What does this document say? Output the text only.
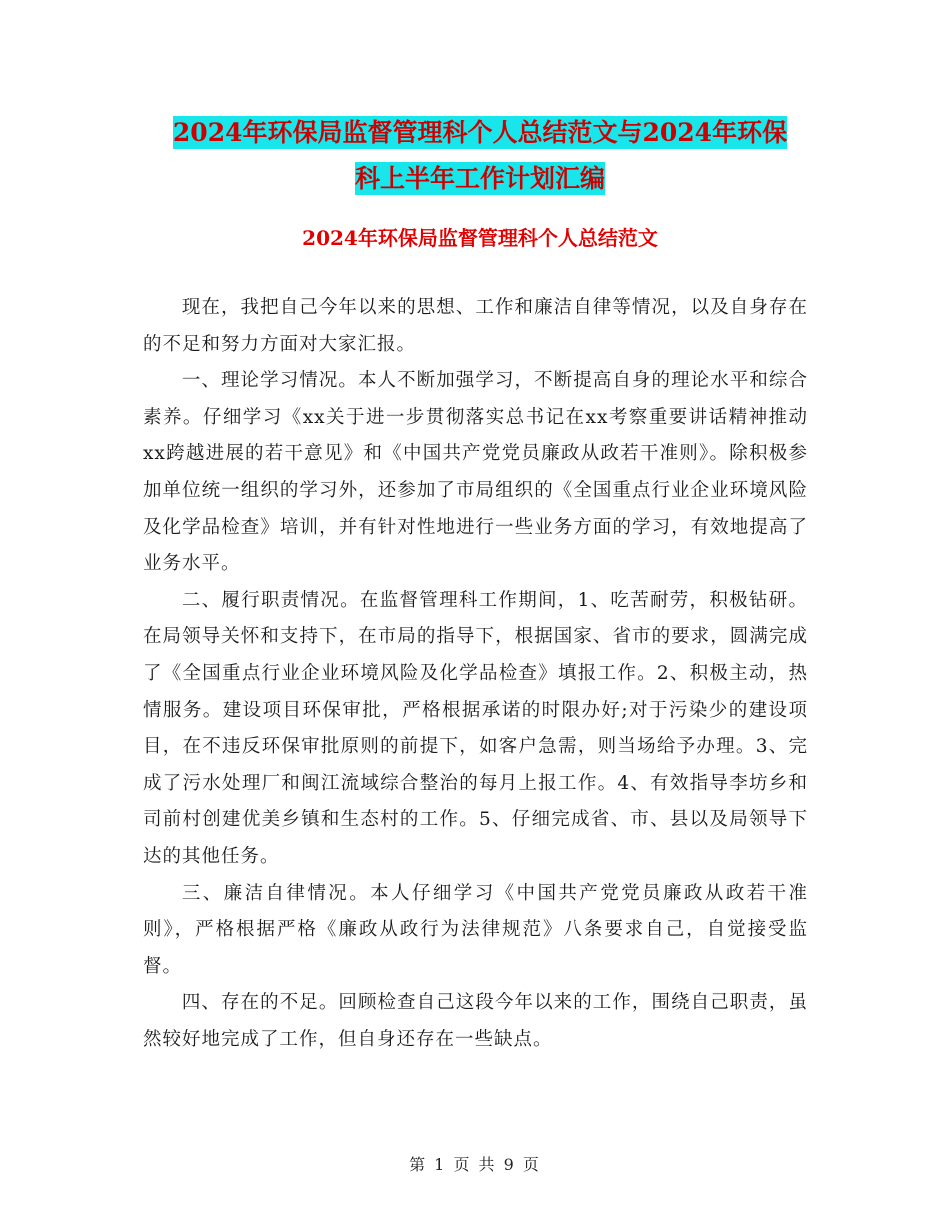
2024年环保局监督管理科个人总结范文与2024年环保
科上半年工作计划汇编
2024年环保局监督管理科个人总结范文

现在，我把自己今年以来的思想、工作和廉洁自律等情况，以及自身存在的不足和努力方面对大家汇报。

一、理论学习情况。本人不断加强学习，不断提高自身的理论水平和综合素养。仔细学习《xx关于进一步贯彻落实总书记在xx考察重要讲话精神推动xx跨越进展的若干意见》和《中国共产党党员廉政从政若干准则》。除积极参加单位统一组织的学习外，还参加了市局组织的《全国重点行业企业环境风险及化学品检查》培训，并有针对性地进行一些业务方面的学习，有效地提高了业务水平。

二、履行职责情况。在监督管理科工作期间，1、吃苦耐劳，积极钻研。在局领导关怀和支持下，在市局的指导下，根据国家、省市的要求，圆满完成了《全国重点行业企业环境风险及化学品检查》填报工作。2、积极主动，热情服务。建设项目环保审批，严格根据承诺的时限办好;对于污染少的建设项目，在不违反环保审批原则的前提下，如客户急需，则当场给予办理。3、完成了污水处理厂和闽江流域综合整治的每月上报工作。4、有效指导李坊乡和司前村创建优美乡镇和生态村的工作。5、仔细完成省、市、县以及局领导下达的其他任务。

三、廉洁自律情况。本人仔细学习《中国共产党党员廉政从政若干准则》，严格根据严格《廉政从政行为法律规范》八条要求自己，自觉接受监督。

四、存在的不足。回顾检查自己这段今年以来的工作，围绕自己职责，虽然较好地完成了工作，但自身还存在一些缺点。

第 1 页 共 9 页
